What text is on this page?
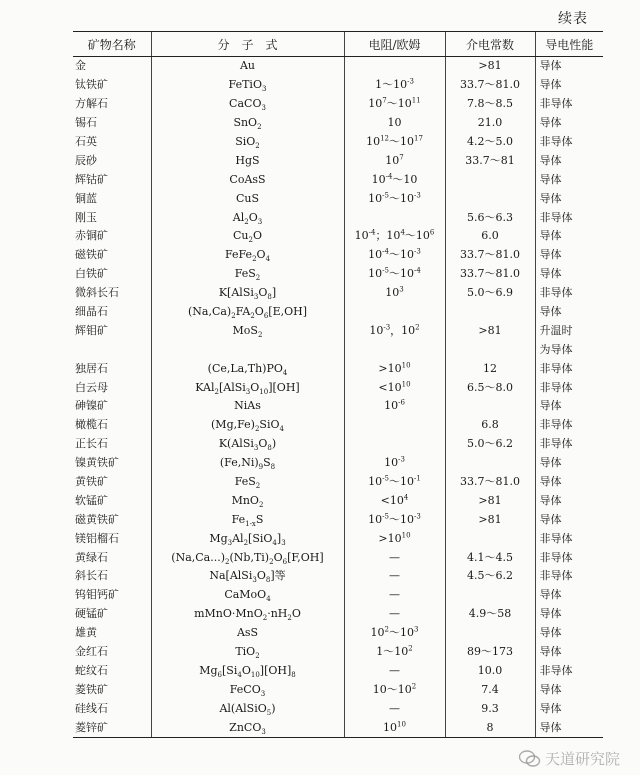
续表
矿物名称	分　子　式	电阻/欧姆	介电常数	导电性能
金	Au		>81	导体
钛铁矿	FeTiO$_3$	$1\sim 10^{-3}$	33.7～81.0	导体
方解石	CaCO$_3$	$10^7\sim 10^{11}$	7.8～8.5	非导体
锡石	SnO$_2$	10	21.0	导体
石英	SiO$_2$	$10^{12}\sim 10^{17}$	4.2～5.0	非导体
辰砂	HgS	$10^7$	33.7～81	导体
辉钴矿	CoAsS	$10^{-4}\sim 10$		导体
铜蓝	CuS	$10^{-5}\sim 10^{-3}$		导体
刚玉	$Al_2O_3$		5.6～6.3	非导体
赤铜矿	$Cu_2O$	$10^{-4}$；$10^4\sim 10^6$	6.0	导体
磁铁矿	$FeFe_2O_4$	$10^{-4}\sim 10^{-3}$	33.7～81.0	导体
白铁矿	FeS$_2$	$10^{-5}\sim 10^{-4}$	33.7～81.0	导体
微斜长石	$K[AlSi_3O_8]$	$10^3$	5.0～6.9	非导体
细晶石	$(Na,Ca)_2FA_2O_6[E,OH]$			导体
辉钼矿	MoS$_2$	$10^{-3}$，$10^2$	>81	升温时
				为导体
独居石	$(Ce,La,Th)PO_4$	$>10^{10}$	12	非导体
白云母	$KAl_2[AlSi_3O_{10}][OH]$	$<10^{10}$	6.5～8.0	非导体
砷镍矿	NiAs	$10^{-6}$		导体
橄榄石	$(Mg,Fe)_2SiO_4$		6.8	非导体
正长石	$K(AlSi_3O_8)$		5.0～6.2	非导体
镍黄铁矿	$(Fe,Ni)_9S_8$	$10^{-3}$		导体
黄铁矿	FeS$_2$	$10^{-5}\sim 10^{-1}$	33.7～81.0	导体
软锰矿	MnO$_2$	$<10^4$	>81	导体
磁黄铁矿	$Fe_{1-x}S$	$10^{-5}\sim 10^{-3}$	>81	导体
镁铝榴石	$Mg_3Al_2[SiO_4]_3$	$>10^{10}$		非导体
黄绿石	$(Na,Ca...)_2(Nb,Ti)_2O_6[F,OH]$	—	4.1～4.5	非导体
斜长石	$Na[AlSi_3O_8]$等	—	4.5～6.2	非导体
钨钼钙矿	CaMoO$_4$	—		导体
硬锰矿	$mMnO\cdot MnO_2\cdot nH_2O$	—	4.9～58	导体
雄黄	AsS	$10^2\sim 10^3$		导体
金红石	TiO$_2$	$1\sim 10^2$	89～173	导体
蛇纹石	$Mg_6[Si_4O_{10}][OH]_8$	—	10.0	非导体
菱铁矿	FeCO$_3$	$10\sim 10^2$	7.4	导体
硅线石	Al(AlSiO$_5$)	—	9.3	导体
菱锌矿	ZnCO$_3$	$10^{10}$	8	导体
天道研究院
